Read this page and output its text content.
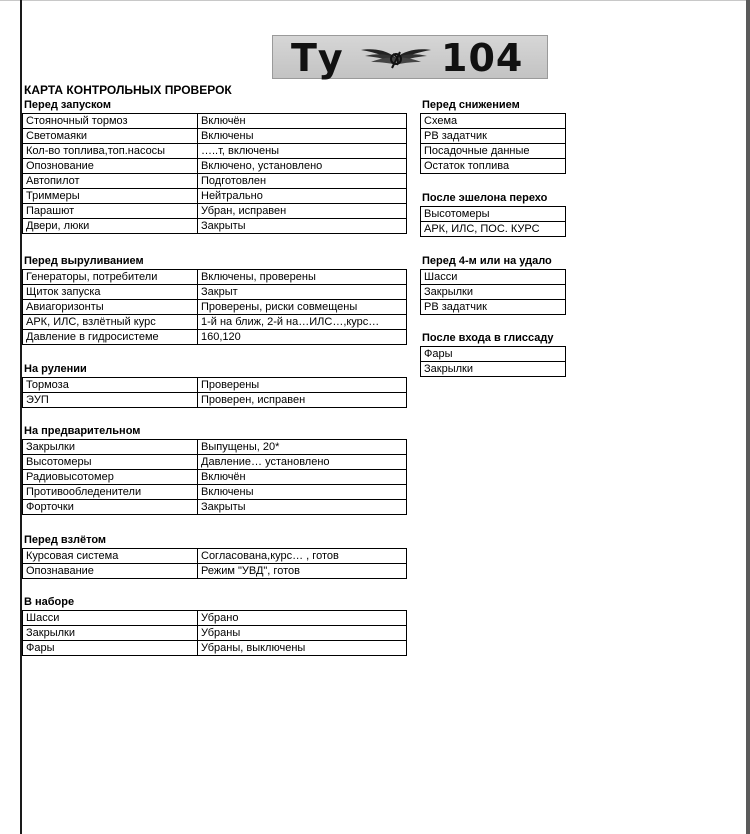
Ту	104
КАРТА КОНТРОЛЬНЫХ ПРОВЕРОК
Перед запуском
Стояночный тормоз	Включён
Светомаяки	Включены
Кол-во топлива,топ.насосы	…..т, включены
Опознование	Включено, установлено
Автопилот	Подготовлен
Триммеры	Нейтрально
Парашют	Убран, исправен
Двери, люки	Закрыты
Перед выруливанием
Генераторы, потребители	Включены, проверены
Щиток запуска	Закрыт
Авиагоризонты	Проверены, риски совмещены
АРК, ИЛС, взлётный курс	1-й на ближ, 2-й на…ИЛС…,курс…
Давление в гидросистеме	160,120
На рулении
Тормоза	Проверены
ЭУП	Проверен, исправен
На предварительном
Закрылки	Выпущены, 20*
Высотомеры	Давление… установлено
Радиовысотомер	Включён
Противообледенители	Включены
Форточки	Закрыты
Перед взлётом
Курсовая система	Согласована,курс… , готов
Опознавание	Режим "УВД", готов
В наборе
Шасси	Убрано
Закрылки	Убраны
Фары	Убраны, выключены
Перед снижением
Схема
РВ задатчик
Посадочные данные
Остаток топлива
После эшелона перехо
Высотомеры
АРК, ИЛС, ПОС. КУРС
Перед 4-м или на удало
Шасси
Закрылки
РВ задатчик
После входа в глиссаду
Фары
Закрылки
